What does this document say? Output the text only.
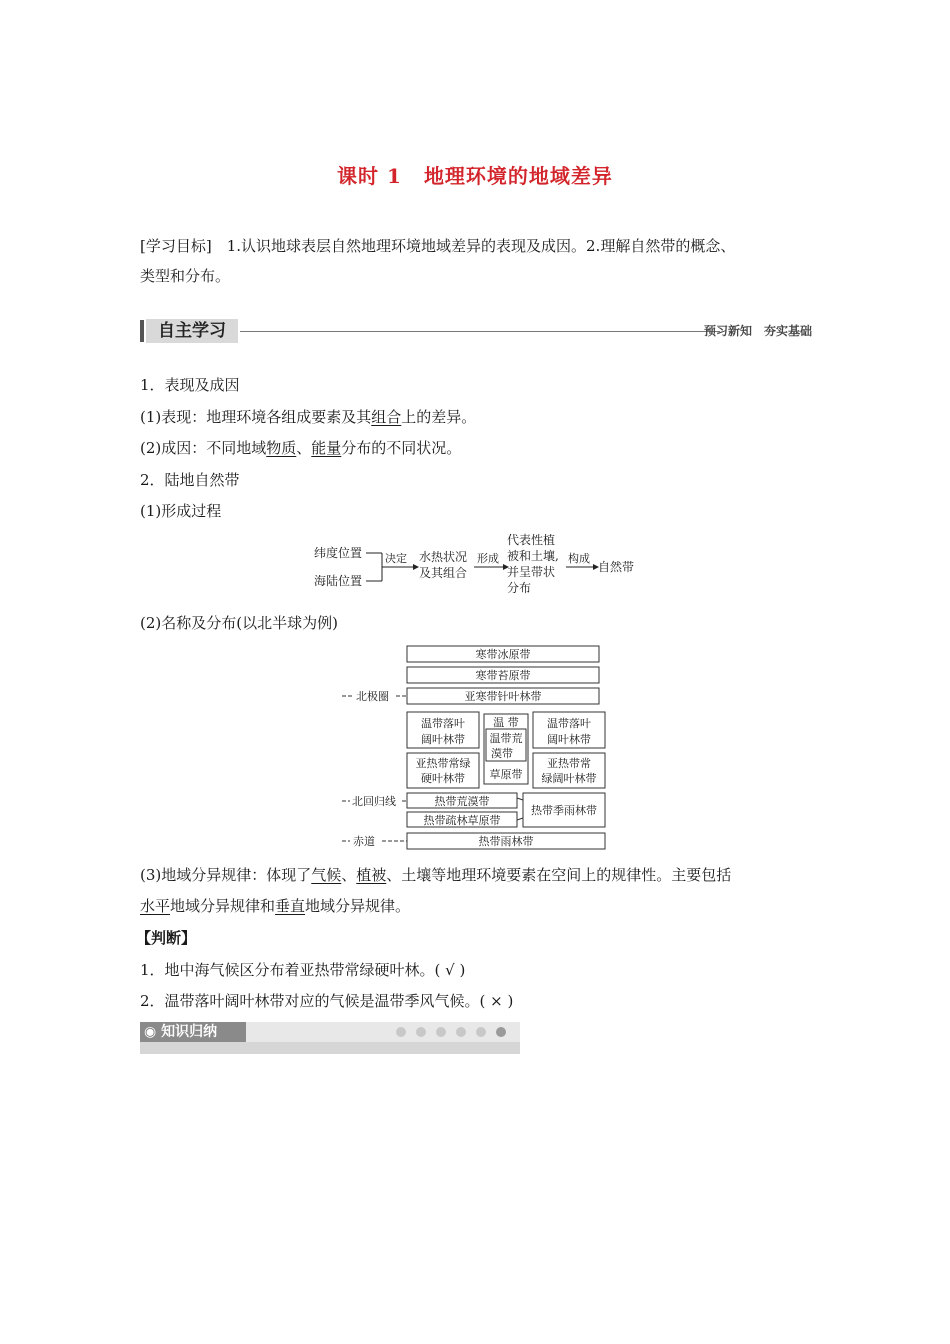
课时 1 地理环境的地域差异
[学习目标]　1.认识地球表层自然地理环境地域差异的表现及成因。2.理解自然带的概念、
类型和分布。
自主学习	预习新知　夯实基础
1．表现及成因
(1)表现：地理环境各组成要素及其组合上的差异。
(2)成因：不同地域物质、能量分布的不同状况。
2．陆地自然带
(1)形成过程
纬度位置
海陆位置
决定 水热状况
及其组合
形成
代表性植
被和土壤,
并呈带状
分布
构成
自然带
(2)名称及分布(以北半球为例)
寒带冰原带
寒带苔原带
北极圈	亚寒带针叶林带
温带落叶
阔叶林带
温 带
温带荒
漠带
草原带
温带落叶
阔叶林带
亚热带常绿
硬叶林带
亚热带常
绿阔叶林带
北回归线	热带荒漠带
热带疏林草原带
热带季雨林带
赤道	热带雨林带
(3)地域分异规律：体现了气候、植被、土壤等地理环境要素在空间上的规律性。主要包括
水平地域分异规律和垂直地域分异规律。
【判断】
1．地中海气候区分布着亚热带常绿硬叶林。( √ )
2．温带落叶阔叶林带对应的气候是温带季风气候。( × )
◉ 知识归纳
